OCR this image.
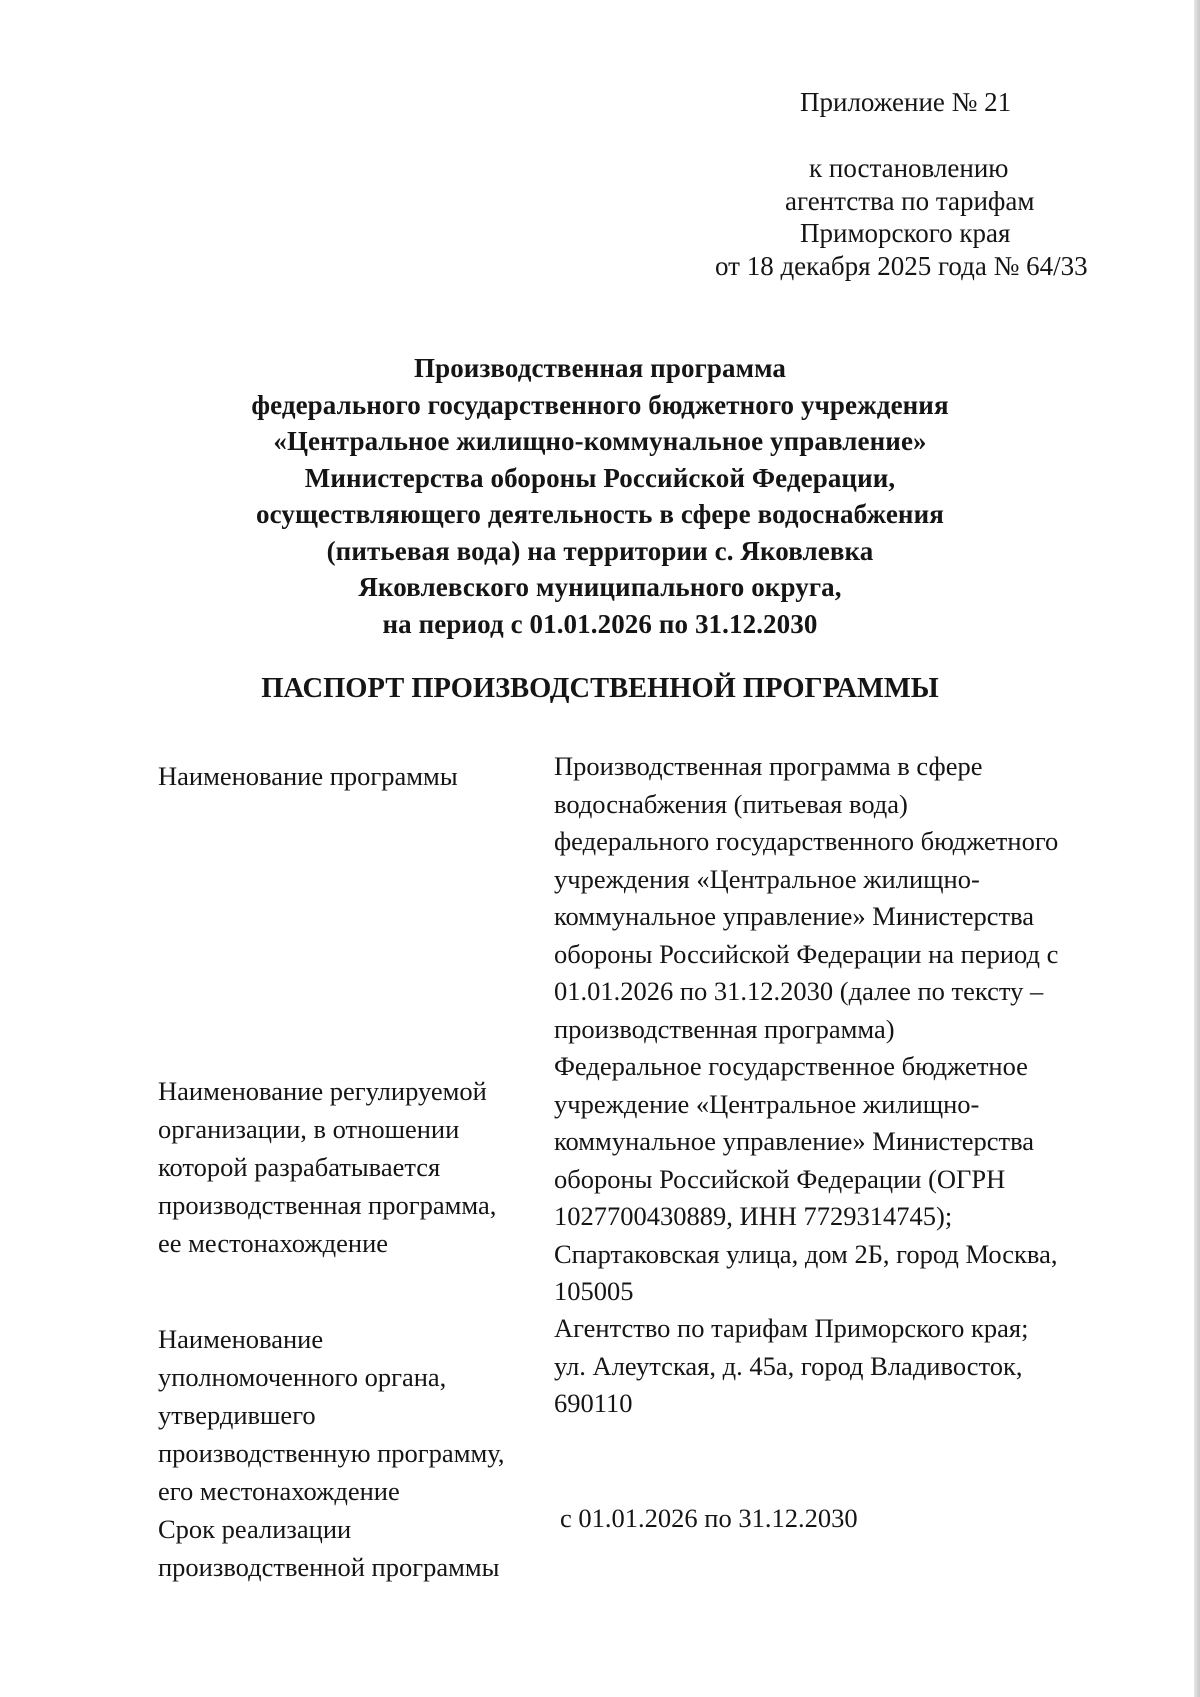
Приложение № 21
к постановлению
агентства по тарифам
Приморского края
от 18 декабря 2025 года № 64/33
Производственная программа
федерального государственного бюджетного учреждения
«Центральное жилищно-коммунальное управление»
Министерства обороны Российской Федерации,
осуществляющего деятельность в сфере водоснабжения
(питьевая вода) на территории с. Яковлевка
Яковлевского муниципального округа,
на период с 01.01.2026 по 31.12.2030
ПАСПОРТ ПРОИЗВОДСТВЕННОЙ ПРОГРАММЫ
Наименование программы	Производственная программа в сфере
водоснабжения (питьевая вода)
федерального государственного бюджетного
учреждения «Центральное жилищно-
коммунальное управление» Министерства
обороны Российской Федерации на период с
01.01.2026 по 31.12.2030 (далее по тексту –
производственная программа)
Наименование регулируемой
организации, в отношении
которой разрабатывается
производственная программа,
ее местонахождение
Федеральное государственное бюджетное
учреждение «Центральное жилищно-
коммунальное управление» Министерства
обороны Российской Федерации (ОГРН
1027700430889, ИНН 7729314745);
Спартаковская улица, дом 2Б, город Москва,
105005
Наименование
уполномоченного органа,
утвердившего
производственную программу,
его местонахождение
Агентство по тарифам Приморского края;
ул. Алеутская, д. 45а, город Владивосток,
690110
Срок реализации
производственной программы
с 01.01.2026 по 31.12.2030
